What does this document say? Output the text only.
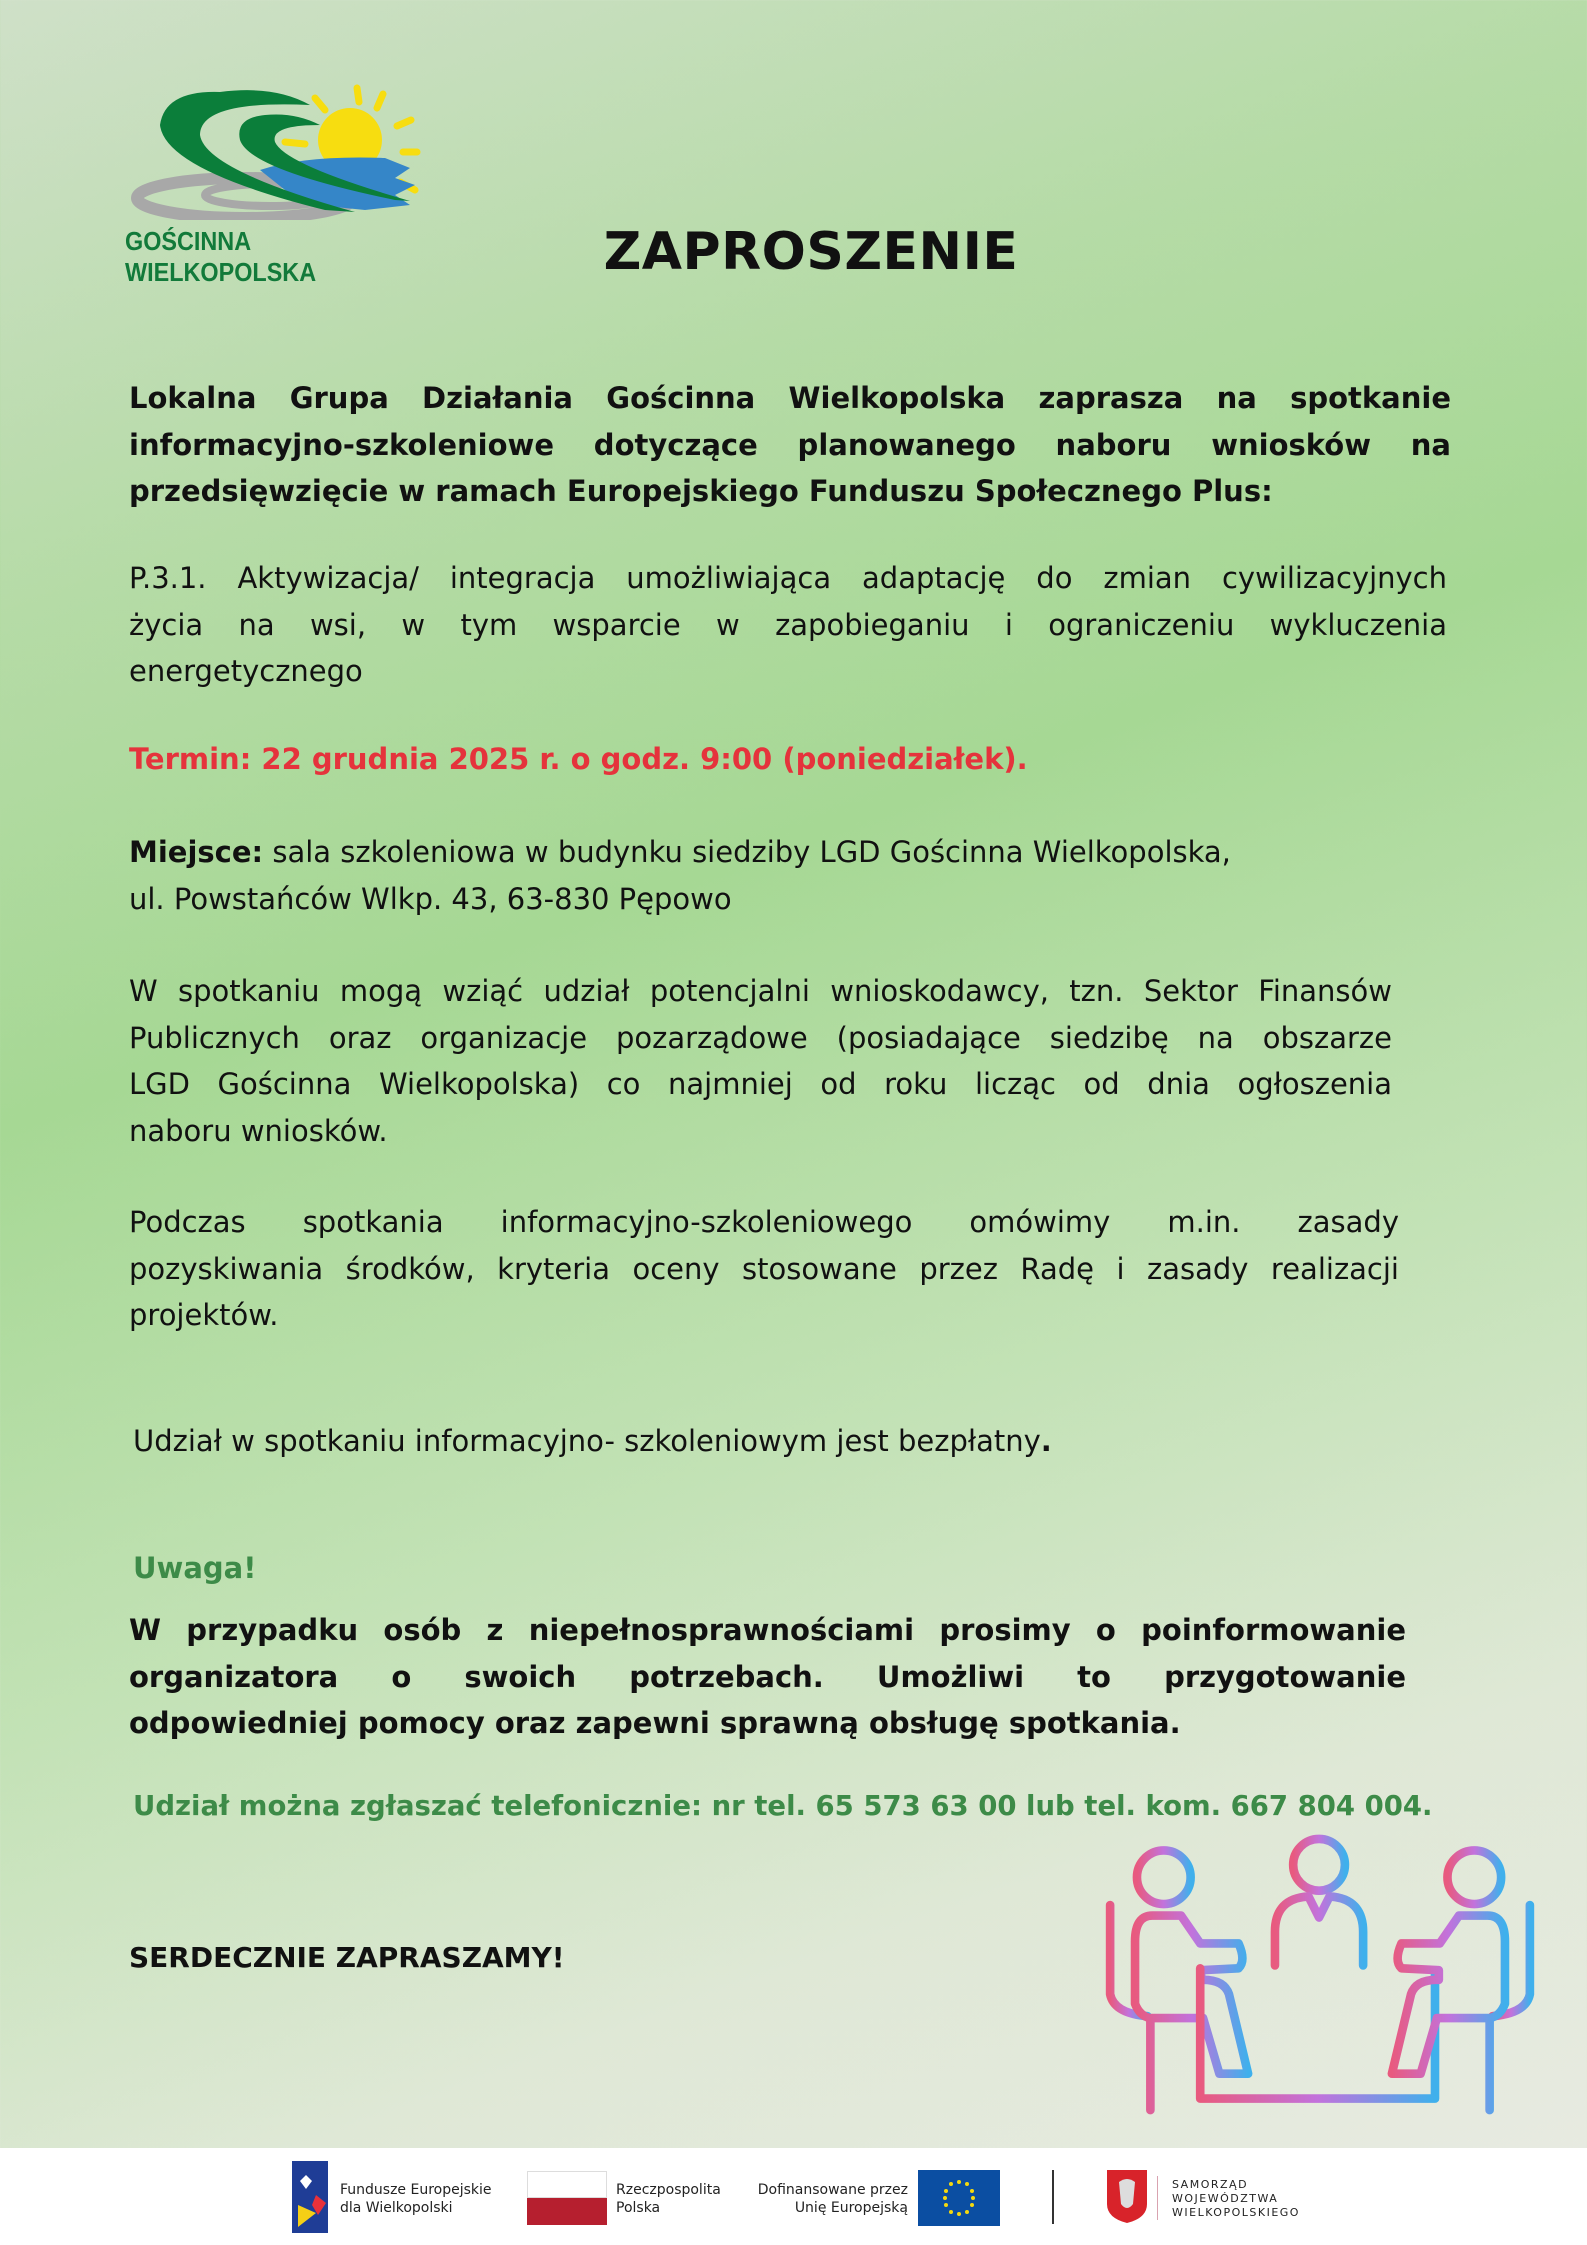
GOŚCINNA WIELKOPOLSKA	ZAPROSZENIE
Lokalna Grupa Działania Gościnna Wielkopolska zaprasza na spotkanie
informacyjno-szkoleniowe dotyczące planowanego naboru wniosków na
przedsięwzięcie w ramach Europejskiego Funduszu Społecznego Plus:
P.3.1. Aktywizacja/ integracja umożliwiająca adaptację do zmian cywilizacyjnych
życia na wsi, w tym wsparcie w zapobieganiu i ograniczeniu wykluczenia
energetycznego
Termin: 22 grudnia 2025 r. o godz. 9:00 (poniedziałek).
Miejsce: sala szkoleniowa w budynku siedziby LGD Gościnna Wielkopolska,
ul. Powstańców Wlkp. 43, 63-830 Pępowo
W spotkaniu mogą wziąć udział potencjalni wnioskodawcy, tzn. Sektor Finansów
Publicznych oraz organizacje pozarządowe (posiadające siedzibę na obszarze
LGD Gościnna Wielkopolska) co najmniej od roku licząc od dnia ogłoszenia
naboru wniosków.
Podczas spotkania informacyjno-szkoleniowego omówimy m.in. zasady
pozyskiwania środków, kryteria oceny stosowane przez Radę i zasady realizacji
projektów.
Udział w spotkaniu informacyjno- szkoleniowym jest bezpłatny.
Uwaga!
W przypadku osób z niepełnosprawnościami prosimy o poinformowanie
organizatora o swoich potrzebach. Umożliwi to przygotowanie
odpowiedniej pomocy oraz zapewni sprawną obsługę spotkania.
Udział można zgłaszać telefonicznie: nr tel. 65 573 63 00 lub tel. kom. 667 804 004.
SERDECZNIE ZAPRASZAMY!
Fundusze Europejskie
dla Wielkopolski
Rzeczpospolita
Polska
Dofinansowane przez
Unię Europejską
SAMORZĄD
WOJEWÓDZTWA
WIELKOPOLSKIEGO
